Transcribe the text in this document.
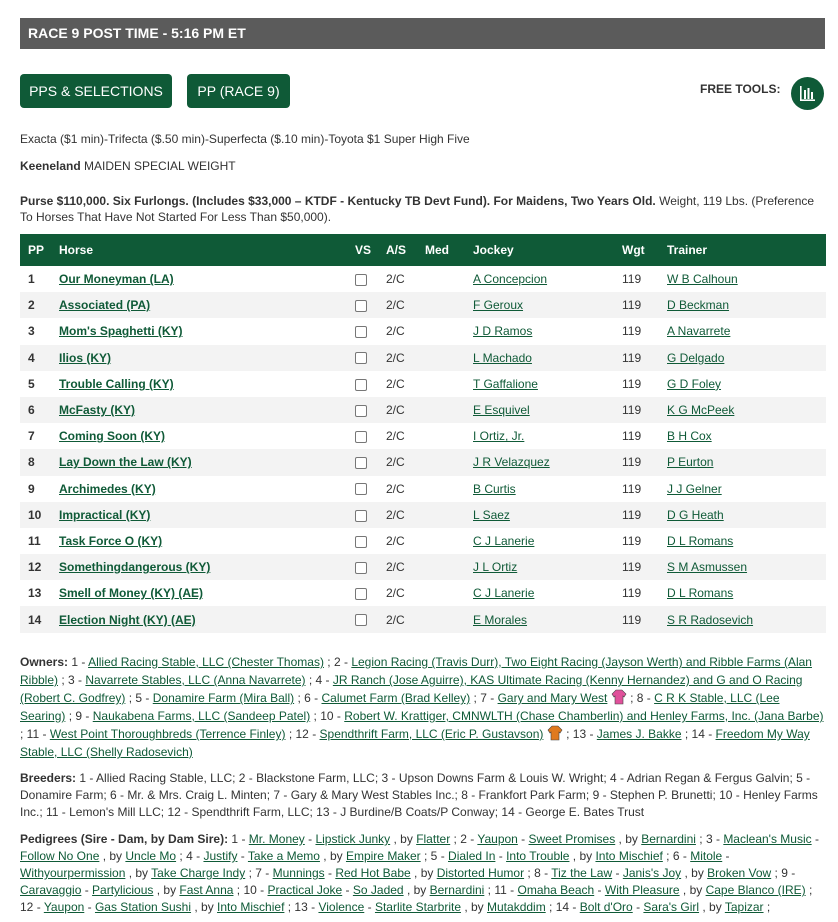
RACE 9 POST TIME - 5:16 PM ET
PPS & SELECTIONS	PP (RACE 9)	FREE TOOLS:
Exacta ($1 min)-Trifecta ($.50 min)-Superfecta ($.10 min)-Toyota $1 Super High Five
Keeneland MAIDEN SPECIAL WEIGHT
Purse $110,000. Six Furlongs. (Includes $33,000 – KTDF - Kentucky TB Devt Fund). For Maidens, Two Years Old. Weight, 119 Lbs. (Preference To Horses That Have Not Started For Less Than $50,000).
PP	Horse	VS	A/S	Med	Jockey	Wgt	Trainer
1	Our Moneyman (LA)		2/C		A Concepcion	119	W B Calhoun
2	Associated (PA)		2/C		F Geroux	119	D Beckman
3	Mom's Spaghetti (KY)		2/C		J D Ramos	119	A Navarrete
4	Ilios (KY)		2/C		L Machado	119	G Delgado
5	Trouble Calling (KY)		2/C		T Gaffalione	119	G D Foley
6	McFasty (KY)		2/C		E Esquivel	119	K G McPeek
7	Coming Soon (KY)		2/C		I Ortiz, Jr.	119	B H Cox
8	Lay Down the Law (KY)		2/C		J R Velazquez	119	P Eurton
9	Archimedes (KY)		2/C		B Curtis	119	J J Gelner
10	Impractical (KY)		2/C		L Saez	119	D G Heath
11	Task Force O (KY)		2/C		C J Lanerie	119	D L Romans
12	Somethingdangerous (KY)		2/C		J L Ortiz	119	S M Asmussen
13	Smell of Money (KY) (AE)		2/C		C J Lanerie	119	D L Romans
14	Election Night (KY) (AE)		2/C		E Morales	119	S R Radosevich
Owners: 1 - Allied Racing Stable, LLC (Chester Thomas) ; 2 - Legion Racing (Travis Durr), Two Eight Racing (Jayson Werth) and Ribble Farms (Alan Ribble) ; 3 - Navarrete Stables, LLC (Anna Navarrete) ; 4 - JR Ranch (Jose Aguirre), KAS Ultimate Racing (Kenny Hernandez) and G and O Racing (Robert C. Godfrey) ; 5 - Donamire Farm (Mira Ball) ; 6 - Calumet Farm (Brad Kelley) ; 7 - Gary and Mary West  ; 8 - C R K Stable, LLC (Lee Searing) ; 9 - Naukabena Farms, LLC (Sandeep Patel) ; 10 - Robert W. Krattiger, CMNWLTH (Chase Chamberlin) and Henley Farms, Inc. (Jana Barbe) ; 11 - West Point Thoroughbreds (Terrence Finley) ; 12 - Spendthrift Farm, LLC (Eric P. Gustavson)  ; 13 - James J. Bakke ; 14 - Freedom My Way Stable, LLC (Shelly Radosevich)
Breeders: 1 - Allied Racing Stable, LLC; 2 - Blackstone Farm, LLC; 3 - Upson Downs Farm & Louis W. Wright; 4 - Adrian Regan & Fergus Galvin; 5 - Donamire Farm; 6 - Mr. & Mrs. Craig L. Minten; 7 - Gary & Mary West Stables Inc.; 8 - Frankfort Park Farm; 9 - Stephen P. Brunetti; 10 - Henley Farms Inc.; 11 - Lemon's Mill LLC; 12 - Spendthrift Farm, LLC; 13 - J Burdine/B Coats/P Conway; 14 - George E. Bates Trust
Pedigrees (Sire - Dam, by Dam Sire): 1 - Mr. Money - Lipstick Junky , by Flatter ; 2 - Yaupon - Sweet Promises , by Bernardini ; 3 - Maclean's Music - Follow No One , by Uncle Mo ; 4 - Justify - Take a Memo , by Empire Maker ; 5 - Dialed In - Into Trouble , by Into Mischief ; 6 - Mitole - Withyourpermission , by Take Charge Indy ; 7 - Munnings - Red Hot Babe , by Distorted Humor ; 8 - Tiz the Law - Janis's Joy , by Broken Vow ; 9 - Caravaggio - Partylicious , by Fast Anna ; 10 - Practical Joke - So Jaded , by Bernardini ; 11 - Omaha Beach - With Pleasure , by Cape Blanco (IRE) ; 12 - Yaupon - Gas Station Sushi , by Into Mischief ; 13 - Violence - Starlite Starbrite , by Mutakddim ; 14 - Bolt d'Oro - Sara's Girl , by Tapizar ;
